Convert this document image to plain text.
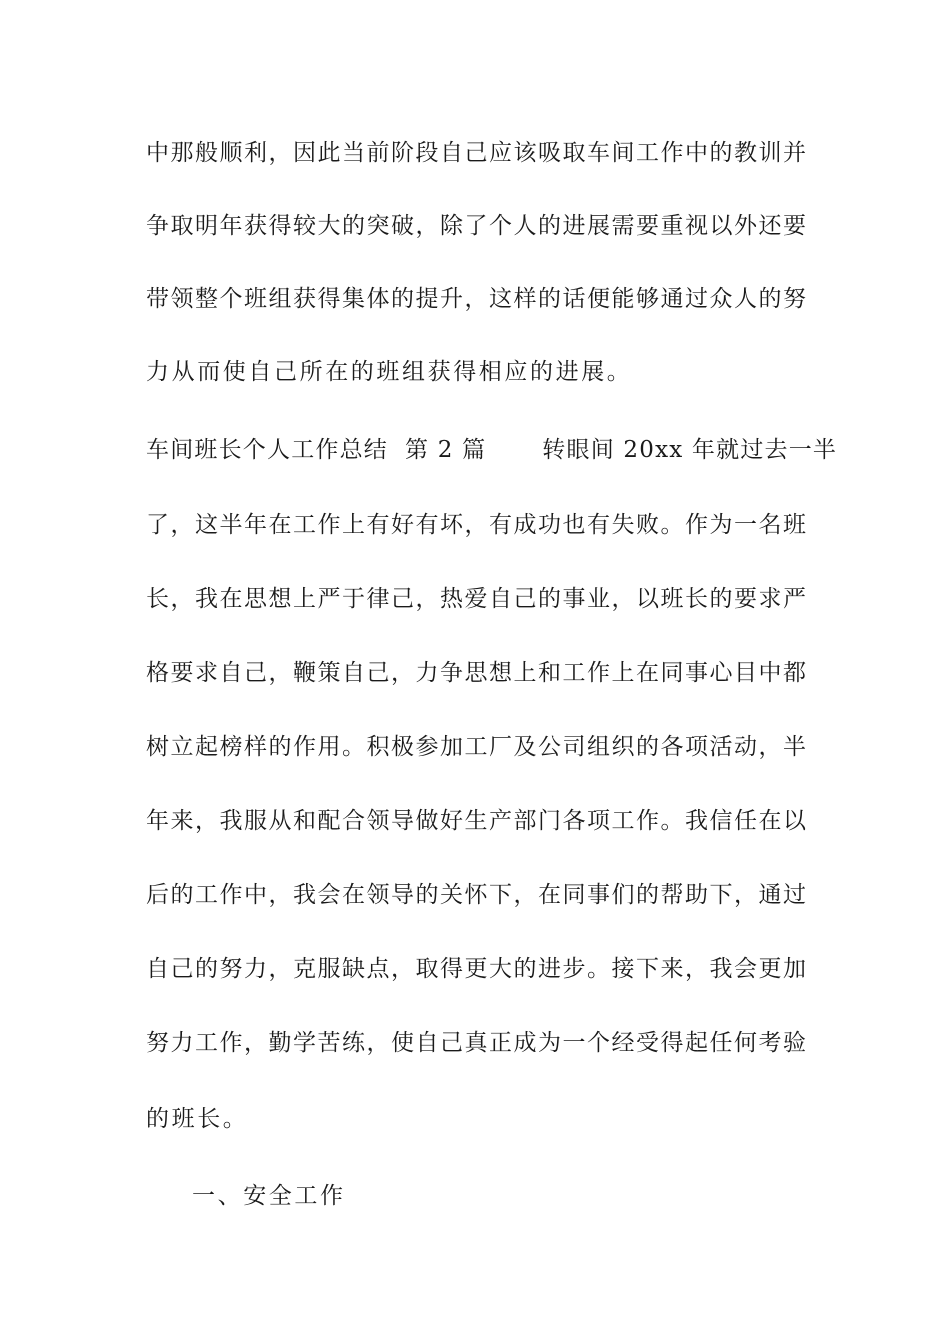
中那般顺利，因此当前阶段自己应该吸取车间工作中的教训并
争取明年获得较大的突破，除了个人的进展需要重视以外还要
带领整个班组获得集体的提升，这样的话便能够通过众人的努
力从而使自己所在的班组获得相应的进展。
车间班长个人工作总结 第 2 篇 转眼间 20xx 年就过去一半
了，这半年在工作上有好有坏，有成功也有失败。作为一名班
长，我在思想上严于律己，热爱自己的事业，以班长的要求严
格要求自己，鞭策自己，力争思想上和工作上在同事心目中都
树立起榜样的作用。积极参加工厂及公司组织的各项活动，半
年来，我服从和配合领导做好生产部门各项工作。我信任在以
后的工作中，我会在领导的关怀下，在同事们的帮助下，通过
自己的努力，克服缺点，取得更大的进步。接下来，我会更加
努力工作，勤学苦练，使自己真正成为一个经受得起任何考验
的班长。
一、安全工作
